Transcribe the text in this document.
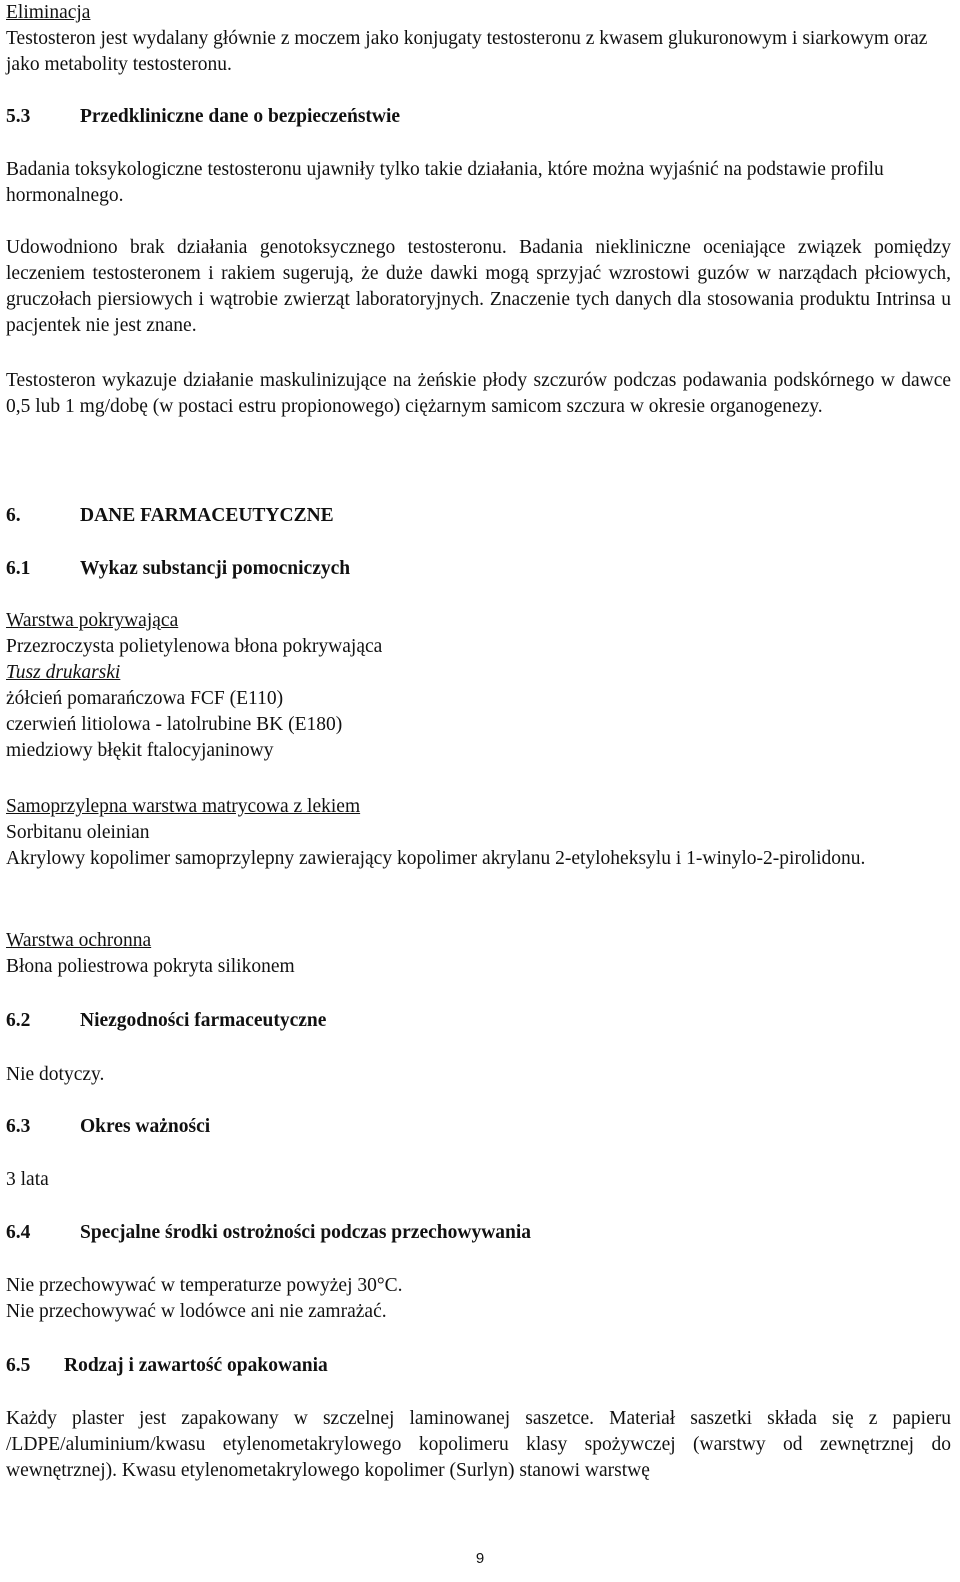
Eliminacja
Testosteron jest wydalany głównie z moczem jako konjugaty testosteronu z kwasem glukuronowym i siarkowym oraz jako metabolity testosteronu.

5.3	Przedkliniczne dane o bezpieczeństwie

Badania toksykologiczne testosteronu ujawniły tylko takie działania, które można wyjaśnić na podstawie profilu hormonalnego.

Udowodniono brak działania genotoksycznego testosteronu. Badania niekliniczne oceniające związek pomiędzy leczeniem testosteronem i rakiem sugerują, że duże dawki mogą sprzyjać wzrostowi guzów w narządach płciowych, gruczołach piersiowych i wątrobie zwierząt laboratoryjnych. Znaczenie tych danych dla stosowania produktu Intrinsa u pacjentek nie jest znane.

Testosteron wykazuje działanie maskulinizujące na żeńskie płody szczurów podczas podawania podskórnego w dawce 0,5 lub 1 mg/dobę (w postaci estru propionowego) ciężarnym samicom szczura w okresie organogenezy.

6.	DANE FARMACEUTYCZNE

6.1	Wykaz substancji pomocniczych

Warstwa pokrywająca
Przezroczysta polietylenowa błona pokrywająca
Tusz drukarski
żółcień pomarańczowa FCF (E110)
czerwień litiolowa - latolrubine BK (E180)
miedziowy błękit ftalocyjaninowy

Samoprzylepna warstwa matrycowa z lekiem
Sorbitanu oleinian
Akrylowy kopolimer samoprzylepny zawierający kopolimer akrylanu 2-etyloheksylu i 1-winylo-2-pirolidonu.

Warstwa ochronna
Błona poliestrowa pokryta silikonem

6.2	Niezgodności farmaceutyczne

Nie dotyczy.

6.3	Okres ważności

3 lata

6.4	Specjalne środki ostrożności podczas przechowywania

Nie przechowywać w temperaturze powyżej 30°C.
Nie przechowywać w lodówce ani nie zamrażać.

6.5 Rodzaj i zawartość opakowania

Każdy plaster jest zapakowany w szczelnej laminowanej saszetce. Materiał saszetki składa się z papieru /LDPE/aluminium/kwasu etylenometakrylowego kopolimeru klasy spożywczej (warstwy od zewnętrznej do wewnętrznej). Kwasu etylenometakrylowego kopolimer (Surlyn) stanowi warstwę

9
